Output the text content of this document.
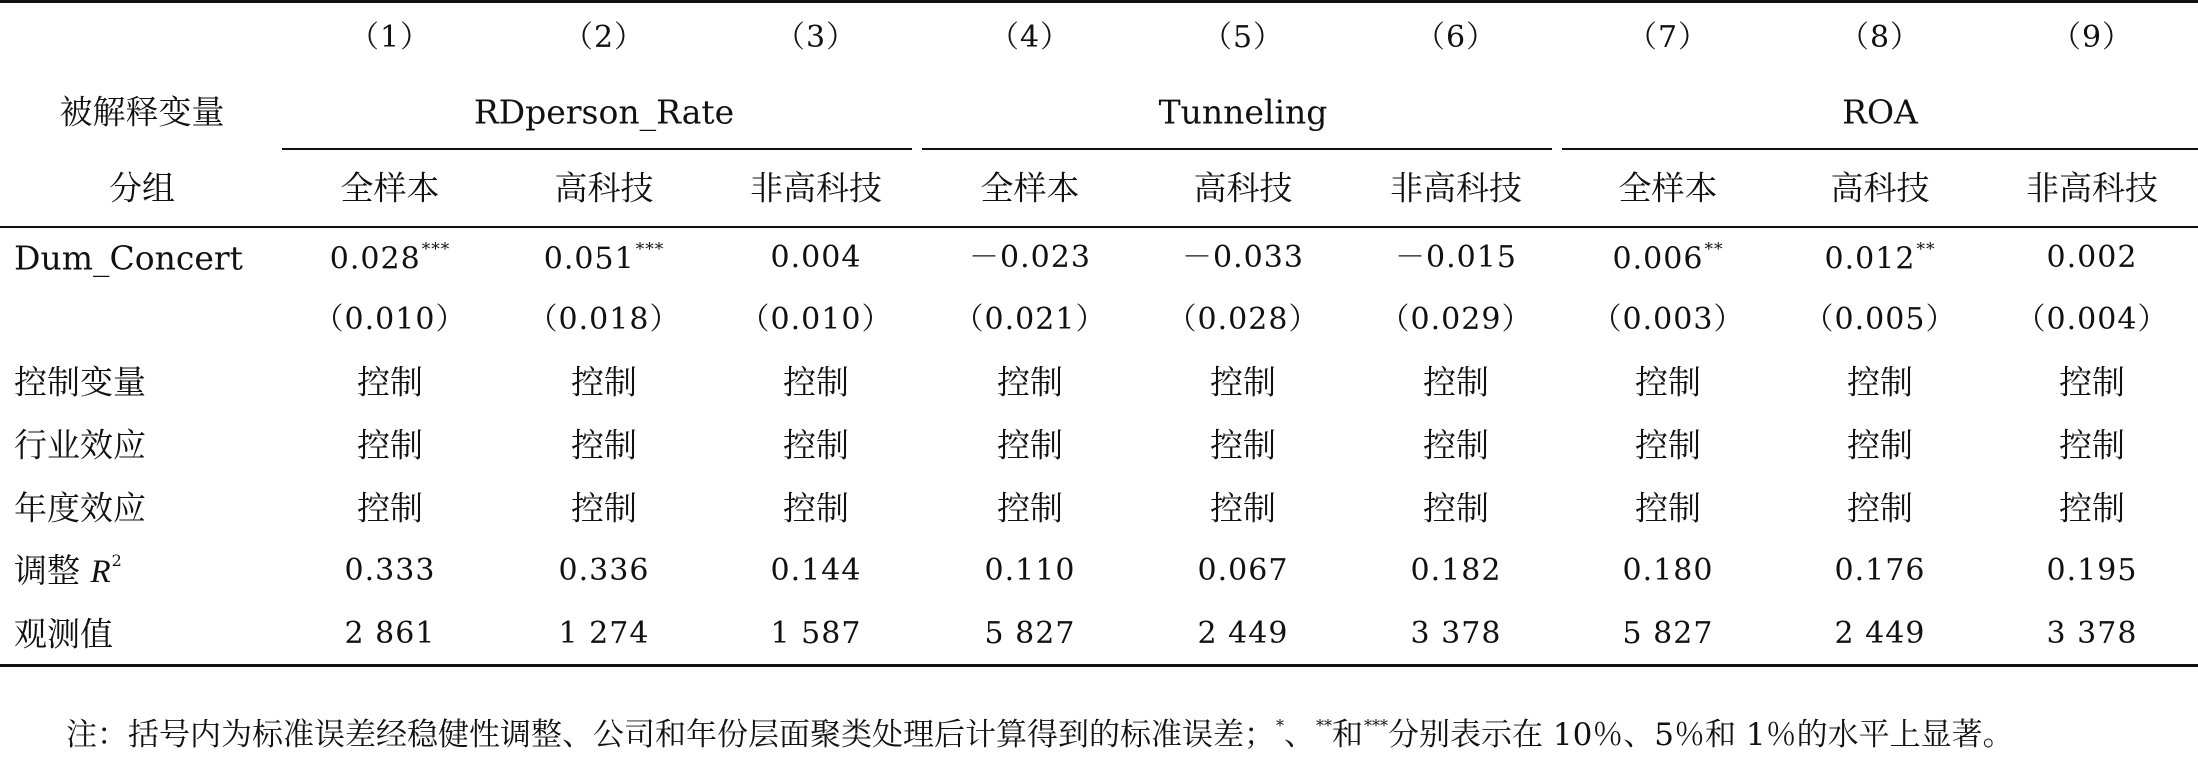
（1）	（2）	（3）	（4）	（5）	（6）	（7）	（8）	（9）
被解释变量	RDperson_Rate	Tunneling	ROA
分组	全样本	高科技	非高科技	全样本	高科技	非高科技	全样本	高科技	非高科技
Dum_Concert	0.028***	0.051***	0.004	－0.023	－0.033	－0.015	0.006**	0.012**	0.002
（0.010） （0.018） （0.010） （0.021） （0.028） （0.029） （0.003） （0.005） （0.004）
控制变量	控制	控制	控制	控制	控制	控制	控制	控制	控制
行业效应	控制	控制	控制	控制	控制	控制	控制	控制	控制
年度效应	控制	控制	控制	控制	控制	控制	控制	控制	控制
调整 $R^2$	0.333	0.336	0.144	0.110	0.067	0.182	0.180	0.176	0.195
观测值	2 861	1 274	1 587	5 827	2 449	3 378	5 827	2 449	3 378

注：括号内为标准误差经稳健性调整、公司和年份层面聚类处理后计算得到的标准误差；*、**和***分别表示在 10％、5％和 1％的水平上显著。
